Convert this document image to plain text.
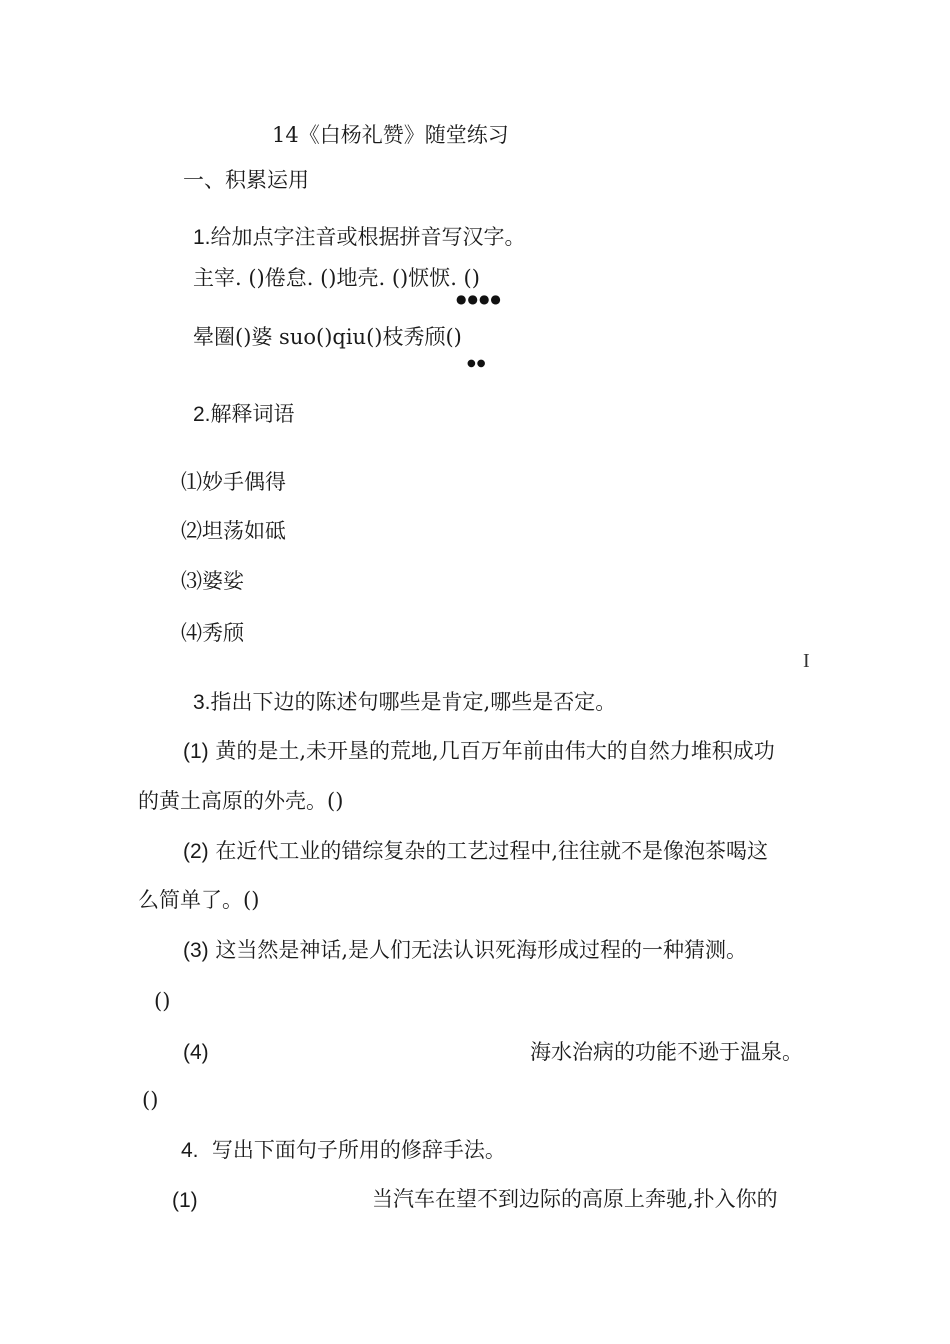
14《白杨礼赞》随堂练习
一、积累运用
1.给加点字注音或根据拼音写汉字。
主宰. ()倦怠. ()地壳. ()恹恹. ()
●●●●
晕圈()婆 suo()qiu()枝秀颀()
●●
2.解释词语
⑴妙手偶得
⑵坦荡如砥
⑶婆娑
⑷秀颀
I
3.指出下边的陈述句哪些是肯定,哪些是否定。
(1) 黄的是土,未开垦的荒地,几百万年前由伟大的自然力堆积成功
的黄土高原的外壳。()
(2) 在近代工业的错综复杂的工艺过程中,往往就不是像泡茶喝这
么简单了。()
(3) 这当然是神话,是人们无法认识死海形成过程的一种猜测。
()
(4)	海水治病的功能不逊于温泉。
()
4. 写出下面句子所用的修辞手法。
(1)	当汽车在望不到边际的高原上奔驰,扑入你的
